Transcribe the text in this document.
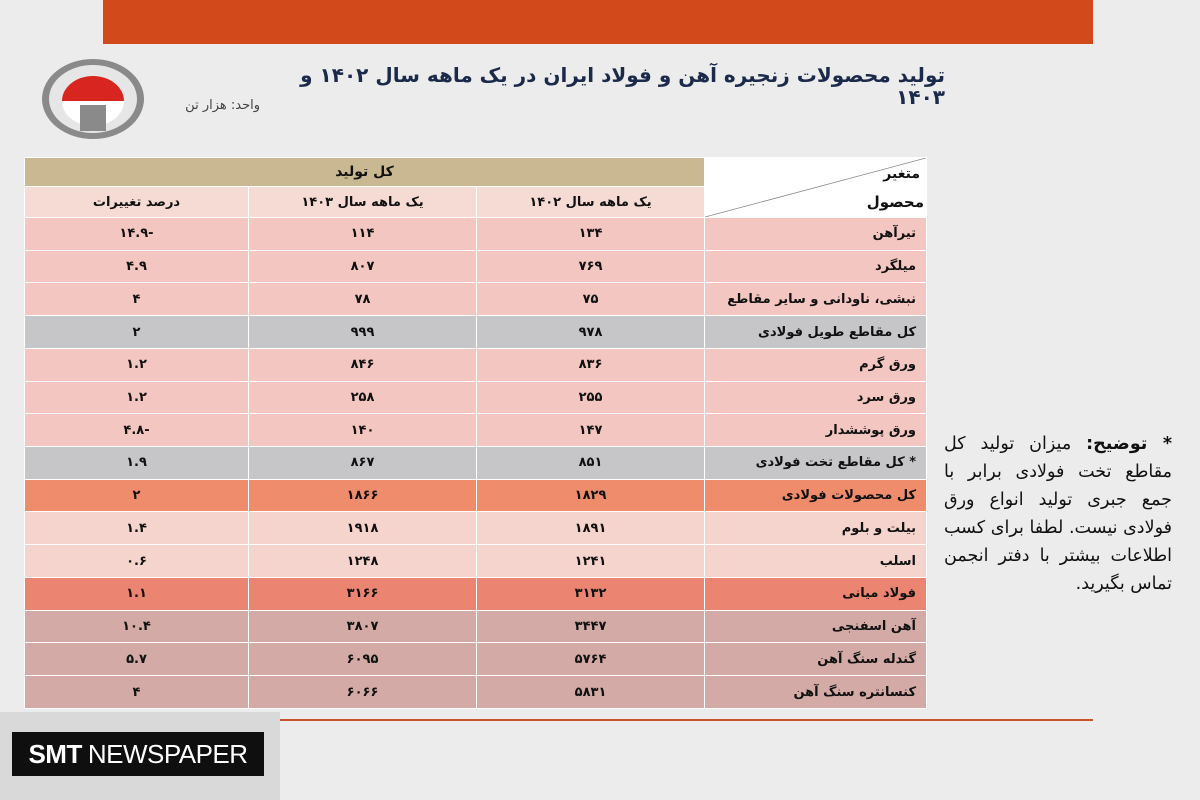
تولید محصولات زنجیره آهن و فولاد ایران در یک ماهه سال ۱۴۰۲ و ۱۴۰۳
واحد: هزار تن
متغیر
محصول	کل تولید		
	یک ماهه سال ۱۴۰۲	یک ماهه سال ۱۴۰۳	درصد تغییرات
تیرآهن	۱۳۴	۱۱۴	-۱۴.۹
میلگرد	۷۶۹	۸۰۷	۴.۹
نبشی، ناودانی و سایر مقاطع	۷۵	۷۸	۴
کل مقاطع طویل فولادی	۹۷۸	۹۹۹	۲
ورق گرم	۸۳۶	۸۴۶	۱.۲
ورق سرد	۲۵۵	۲۵۸	۱.۲
ورق پوششدار	۱۴۷	۱۴۰	-۴.۸
* کل مقاطع تخت فولادی	۸۵۱	۸۶۷	۱.۹
کل محصولات فولادی	۱۸۲۹	۱۸۶۶	۲
بیلت و بلوم	۱۸۹۱	۱۹۱۸	۱.۴
اسلب	۱۲۴۱	۱۲۴۸	۰.۶
فولاد میانی	۳۱۳۲	۳۱۶۶	۱.۱
آهن اسفنجی	۳۴۴۷	۳۸۰۷	۱۰.۴
گندله سنگ آهن	۵۷۶۴	۶۰۹۵	۵.۷
کنسانتره سنگ آهن	۵۸۳۱	۶۰۶۶	۴

* توضیح: میزان تولید کل مقاطع تخت فولادی برابر با جمع جبری تولید انواع ورق فولادی نیست. لطفا برای کسب اطلاعات بیشتر با دفتر انجمن تماس بگیرید.

SMT NEWSPAPER
